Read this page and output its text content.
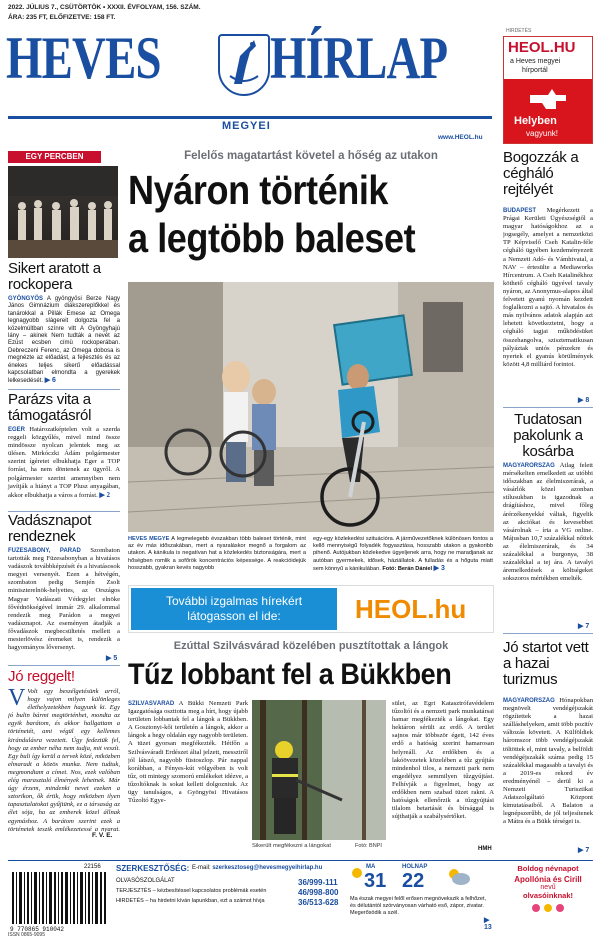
2022. JÚLIUS 7., CSÜTÖRTÖK • XXXII. ÉVFOLYAM, 156. SZÁM.
ÁRA: 235 FT, ELŐFIZETVE: 158 FT.
HEVES HÍRLAP
MEGYEI
www.HEOL.hu
HIRDETÉS
HEOL.HU
a Heves megyei
hírportál
Helyben
vagyunk!
EGY PERCBEN
Sikert aratott a rockopera
GYÖNGYÖS A gyöngyösi Berze Nagy János Gimnázium diákszereplőkkel és tanárokkal a Pillák Emese az Omega legnagyobb slágereit dolgozta fel a közelmúltban színre vitt A Gyöngyhajú lány – akinek Nem tudták a nevét az Ezüst ecsben címü rockoperában. Debreczeni Ferenc, az Omega dobosa is megnézte az előadást, a fejlesztés és az énekes teljes sikerű előadással kapcsolatban elmondta a gyerekek lelkesedését. ▶ 6
Parázs vita a támogatásról
EGER Határozatképtelen volt a szerda reggeli közgyűlés, mivel mind össze mindössze nyolcan jelentek meg az ülésen. Mirkóczki Ádám polgármester szerint ígéretet elbukhatja Eger a TOP forrást, ha nem döntenek az ügyről. A polgármester szerint amennyiben nem javítják a hiányt a TOP Plusz anyagában, akkor elbukhatja a város a forrást. ▶ 2
Vadásznapot rendeznek
FÜZESABONY, PARÁD Szombaton tartották meg Füzesabonyban a hivatásos vadászok továbbképzését és a hivatásosok megyei versenyét. Ezen a hétvégén, szombaton pedig Semjén Zsolt miniszterelnök-helyettes, az Országos Magyar Vadászati Védegylet elnöke fővédnökségével immár 29. alkalommal rendezik meg Parádon a megyei vadásznapot. Az eseményen átadják a fővadászok megbecsültetés mellett a mesterlövész éremeket is, rendezik a hagyományos lőversenyt.
▶ 5
Jó reggelt!
V Volt egy beszélgetésünk arról, hogy vajon milyen különleges élethelyzetekben hagyunk ki. Egy jó bulin bármi megtörténhet, mondta az egyik barátom, és akkor hallgattam a történetét, ami végül egy kellemes kirándulásra vezetett. Úgy fedeztük fel, hogy az ember néha nem tudja, mit veszít. Egy buli így kerül a tervek közé, miközben elmaradt a közös munka. Nem tudtuk, megmondtam a címet. Nos, ezek valóban elég marasztaló élmények lehetnek. Már úgy érzem, mindenki nevet ezeken a sztorikon, ők értik, hogy miközben ilyen tapasztalatokat gyűjtünk, ez a társaság az élet sója, ha az emberek közel állnak egymáshoz. A barátom szerint ezek a történetek teszik emlékezetessé a nyarat.
F. V. E.
Felelős magatartást követel a hőség az utakon
Nyáron történik
a legtöbb baleset
HEVES MEGYE A legmelegebb évszakban több baleset történik, mint az év más időszakában, mert a nyaraláskor megnő a forgalom az utakon. A kánikula is negatívan hat a közlekedés biztonságára, mert a hőségben romlik a sofőrök koncentrációs képessége. A reakcióidejük hosszabb, gyakran kevés nagyobb
egy-egy közlekedési szituációra. A járművezetőknek különösen fontos a kellő mennyiségű folyadék fogyasztása, hosszabb utakon a gyakoribb pihenő. Autójukban közlekedve ügyeljenek arra, hogy ne maradjanak az autóban gyermekek, idősek, háziállatok. A fulladás és a hőguta miatt sem könnyű a kánikulában. Fotó: Berán Dániel ▶ 3
További izgalmas hírekért
látogasson el ide:	HEOL.hu
Ezúttal Szilvásvárad közelében pusztítottak a lángok
Tűz lobbant fel a Bükkben
SZILVÁSVÁRAD A Bükki Nemzeti Park Igazgatósága oszttotta meg a hírt, hogy újabb területen lobbantak fel a lángok a Bükkben. A Gosztonyi-kői területén a lángok, akkor a lángok a hegy oldalán egy nagyobb területen. A tüzet gyorsan megfékezték. Hétfőn a Szilvásváradi Erdészet által jelzett, messziről jól látszó, nagyobb füstoszlop. Pár nappal korábban, a Fényes-kút völgyében is volt tűz, ott mintegy szomorú emlékeket idézve, a tűzoltóknak is sokat kellett dolgozniuk. Az ügy tanulságos, a Gyöngyösi Hivatásos Tűzoltó Egye-
Sikerült megfékezni a lángokat	Fotó: BNPI
sület, az Egri Katasztrófavédelem tűzoltói és a nemzeti park munkatársai hamar megfékezték a lángokat. Egy hektáron sérült az erdő. A terület sajnos már többször égett, 142 éves erdő a hatóság szerint hamarosan helyreáll. Az erdőkben és a lakóövezetek közelében a tűz gyújtás mindenhol tilos, a nemzeti park nem engedélyez semmilyen tűzgyújtást. Felhívják a figyelmet, hogy az erdőkben nem szabad tüzet rakni. A hatóságok ellenőrzik a tűzgyújtási tilalom betartását és bírsággal is sújthatják a szabálysértőket.
HMH
Bogozzák a cégháló rejtélyét
BUDAPEST Megérkezett a Prágai Kerületi Ügyészségtől a magyar hatóságokhoz az a jogsegély, amelyet a nemzetközi TP Képviselő Cseh Katalin-féle cégháló ügyében kezdeményezett a Nemzeti Adó- és Vámhivatal, a NAV – értesülte a Mediaworks Hírcentrum. A Cseh Katalinékhoz köthető cégháló ügyével tavaly nyáron, az Anonymus-alapos által felvetett gyanú nyomán kezdett foglalkozni a sajtó. A hivatalos és más nyilvános adatok alapján azt lehetett következtetni, hogy a cégháló tagjai működésüket összehangolva, szisztematikusan pályáztak uniós pénzekre és nyertek el gyanús körülmények között 4,8 milliárd forintot.
▶ 8
Tudatosan pakolunk a kosárba
MAGYARORSZÁG Átlag felett mérsékelten emelkedett az utóbbi időszakban az élelmiszerárak, a vásárlók közel azonban stílusukban is igazodnak a drágításhoz, mivel főleg árérzékenyekké váltak, figyelik az akciókat és kevesebbet vásárolnak – írta a VG online. Májusban 10,7 százalékkal nőttek az élelmiszerárak, és 34 százalékkal a burgonya, 38 százalékkal a tej ára. A tavalyi áremelkedések a költségeket sokszoros mértékben emelték.
▶ 7
Jó startot vett a hazai turizmus
MAGYARORSZÁG Hónapokban megnövelt vendégéjszakát rögzítettek a hazai szálláshelyeken, amit több pozitív változás követett. A Külföldiek háromszor több vendégéjszakát töltöttek el, mint tavaly, a belföldi vendégéjszakák száma pedig 15 százalékkal magasabb a tavalyi és a 2019-es rekord év eredményénél – derül ki a Nemzeti Turisztikai Adatszolgáltató Központ kimutatásaiból. A Balaton a legnépszerűbb, de jól teljesítenek a Mátra és a Bükk térségei is.
▶ 7
22156
9 770865 910042
ISSN 0865-9095
SZERKESZTŐSÉG: E-mail: szerkesztoseg@hevesmegyeihirlap.hu
OLVASÓSZOLGÁLAT
TERJESZTÉS – kézbesítéssel kapcsolatos problémák esetén
HIRDETÉS – ha hirdetni kíván lapunkban, ezt a számot hívja
36/999-111
46/998-800
36/513-628
MA
31
HOLNAP
22
Ma észak megyei felől erősen megnövekszik a felhőzet, és délutántól szórványosan várható eső, zápor, zivatar. Megerősödik a szél.
▶ 13
Boldog névnapot
Apollónia és Cirill
nevű
olvasóinknak!
